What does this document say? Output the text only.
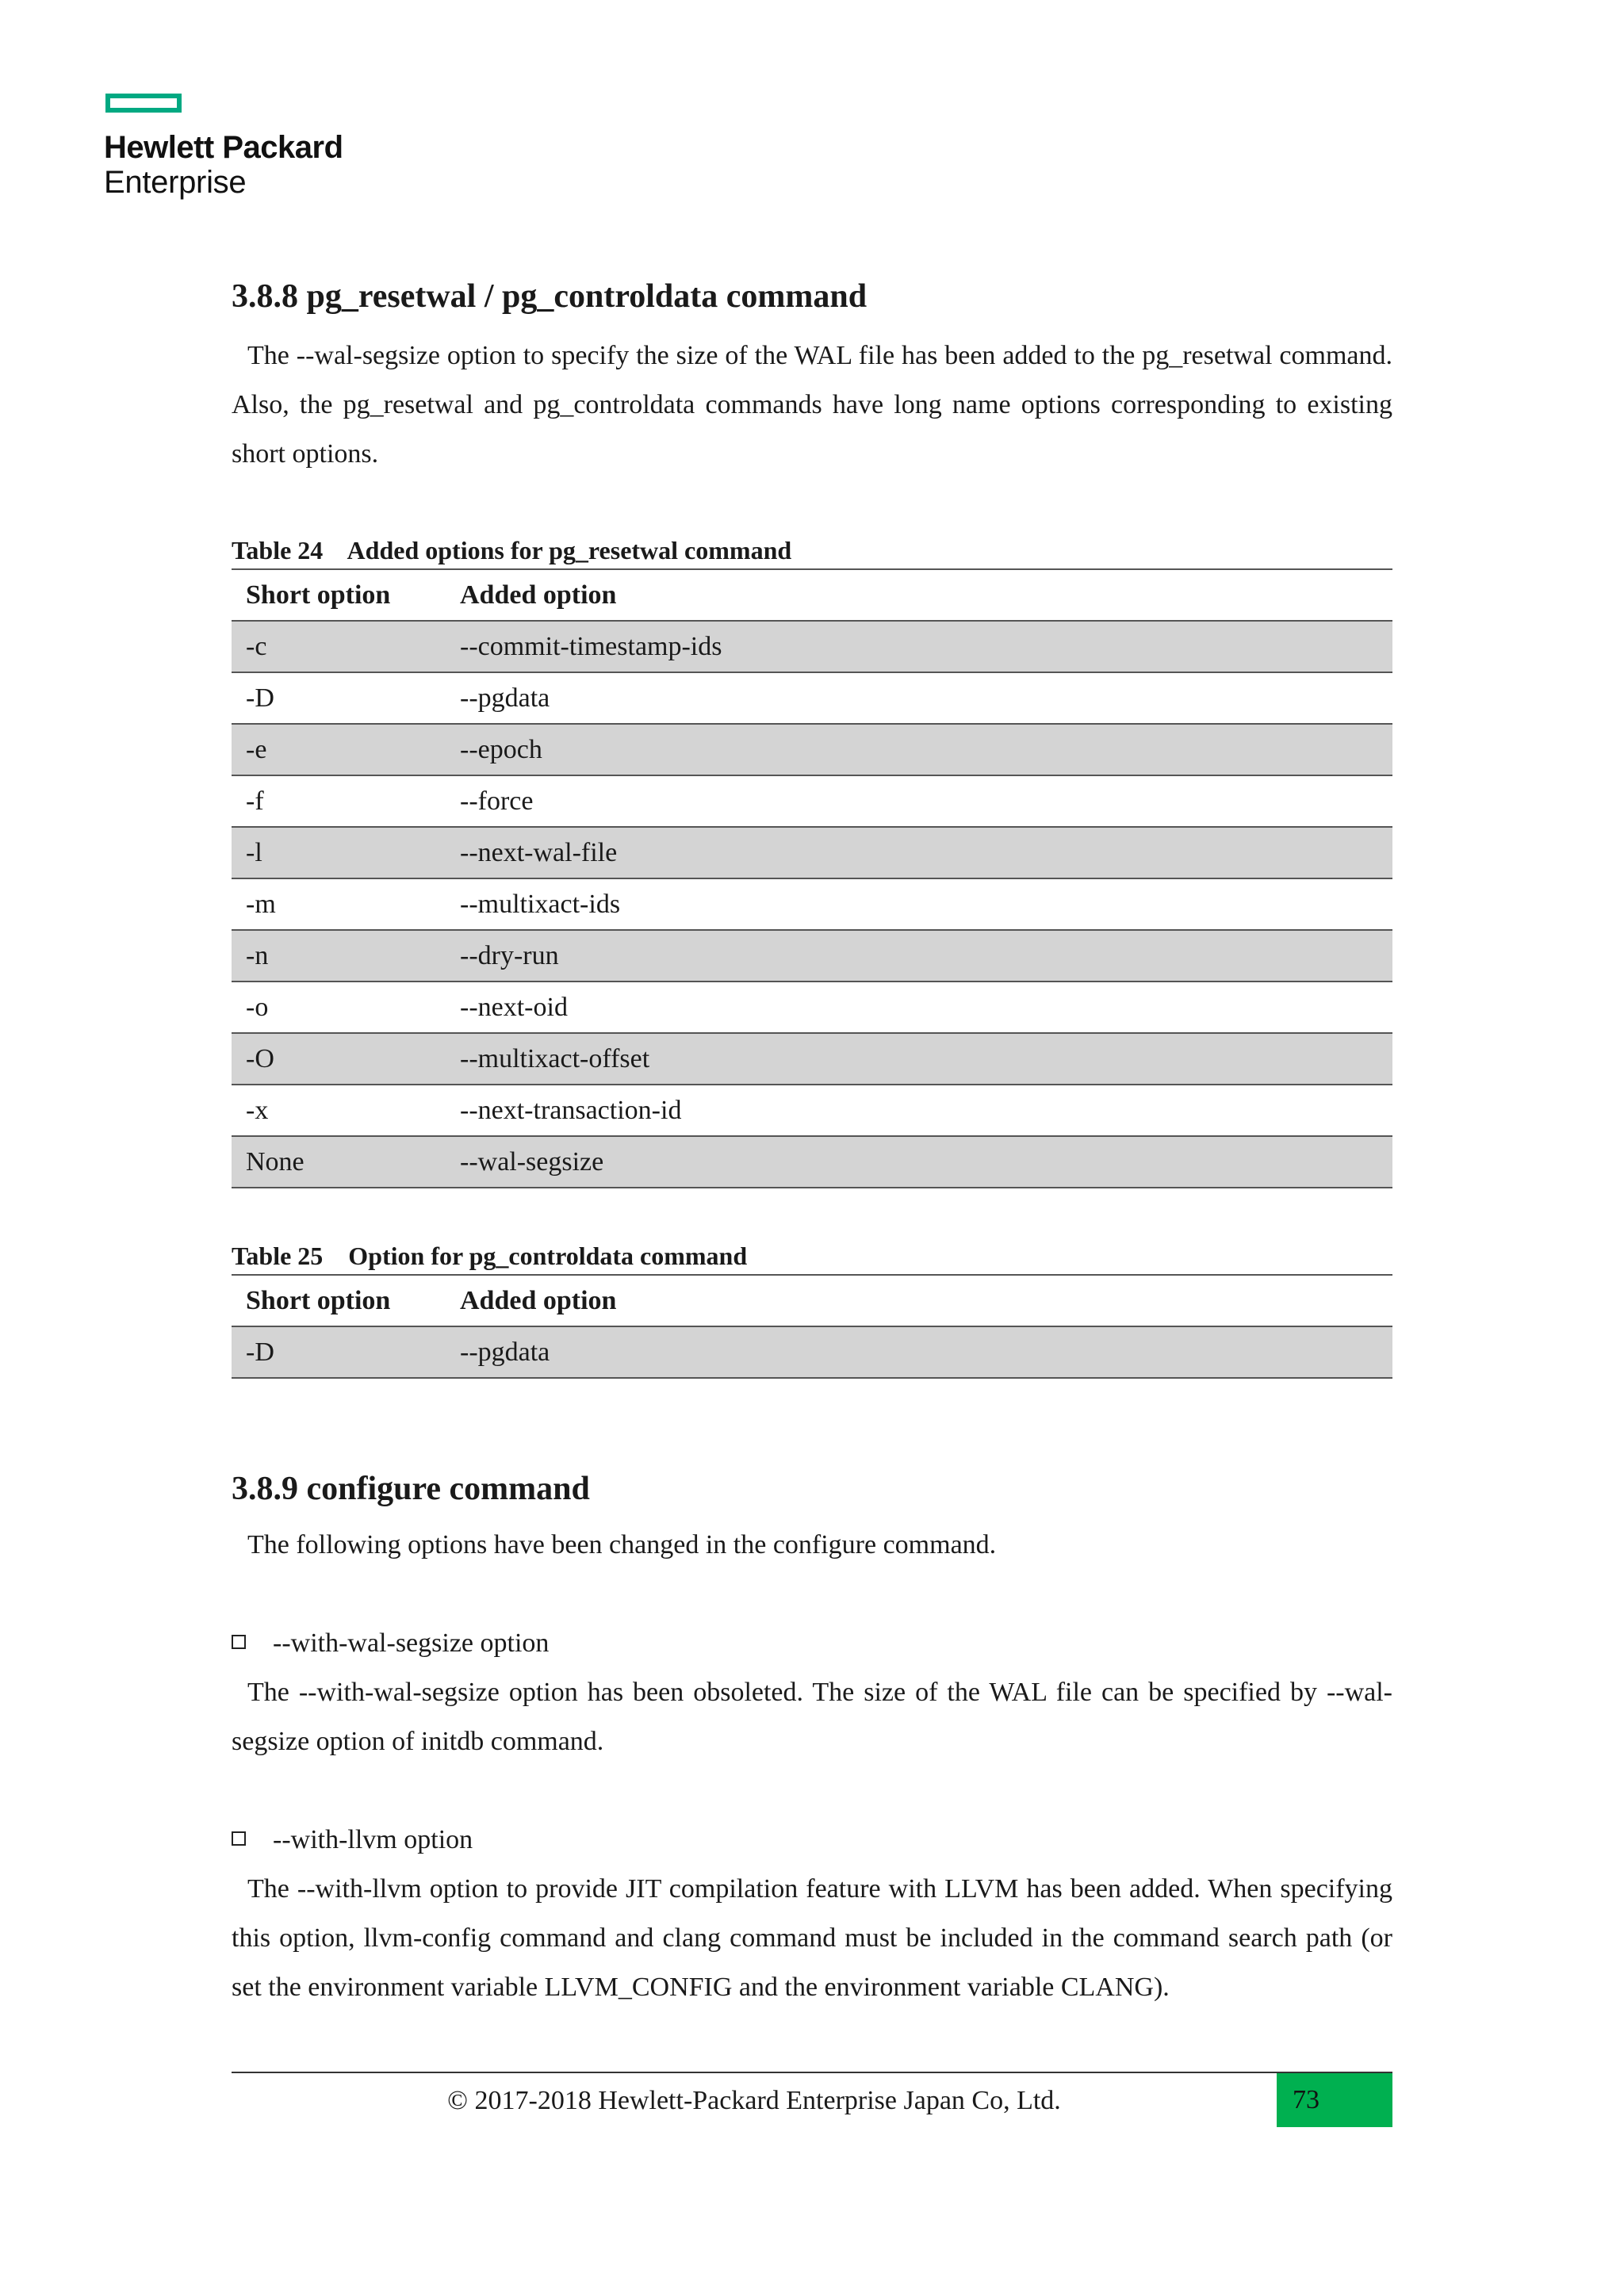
Hewlett Packard
Enterprise
3.8.8 pg_resetwal / pg_controldata command

The --wal-segsize option to specify the size of the WAL file has been added to the pg_resetwal command. Also, the pg_resetwal and pg_controldata commands have long name options corresponding to existing short options.

Table 24    Added options for pg_resetwal command
Short option	Added option
-c	--commit-timestamp-ids
-D	--pgdata
-e	--epoch
-f	--force
-l	--next-wal-file
-m	--multixact-ids
-n	--dry-run
-o	--next-oid
-O	--multixact-offset
-x	--next-transaction-id
None	--wal-segsize
Table 25    Option for pg_controldata command
Short option	Added option
-D	--pgdata
3.8.9 configure command

The following options have been changed in the configure command.

--with-wal-segsize option

The --with-wal-segsize option has been obsoleted. The size of the WAL file can be specified by --wal-segsize option of initdb command.

--with-llvm option

The --with-llvm option to provide JIT compilation feature with LLVM has been added. When specifying this option, llvm-config command and clang command must be included in the command search path (or set the environment variable LLVM_CONFIG and the environment variable CLANG).

© 2017-2018 Hewlett-Packard Enterprise Japan Co, Ltd.	73
